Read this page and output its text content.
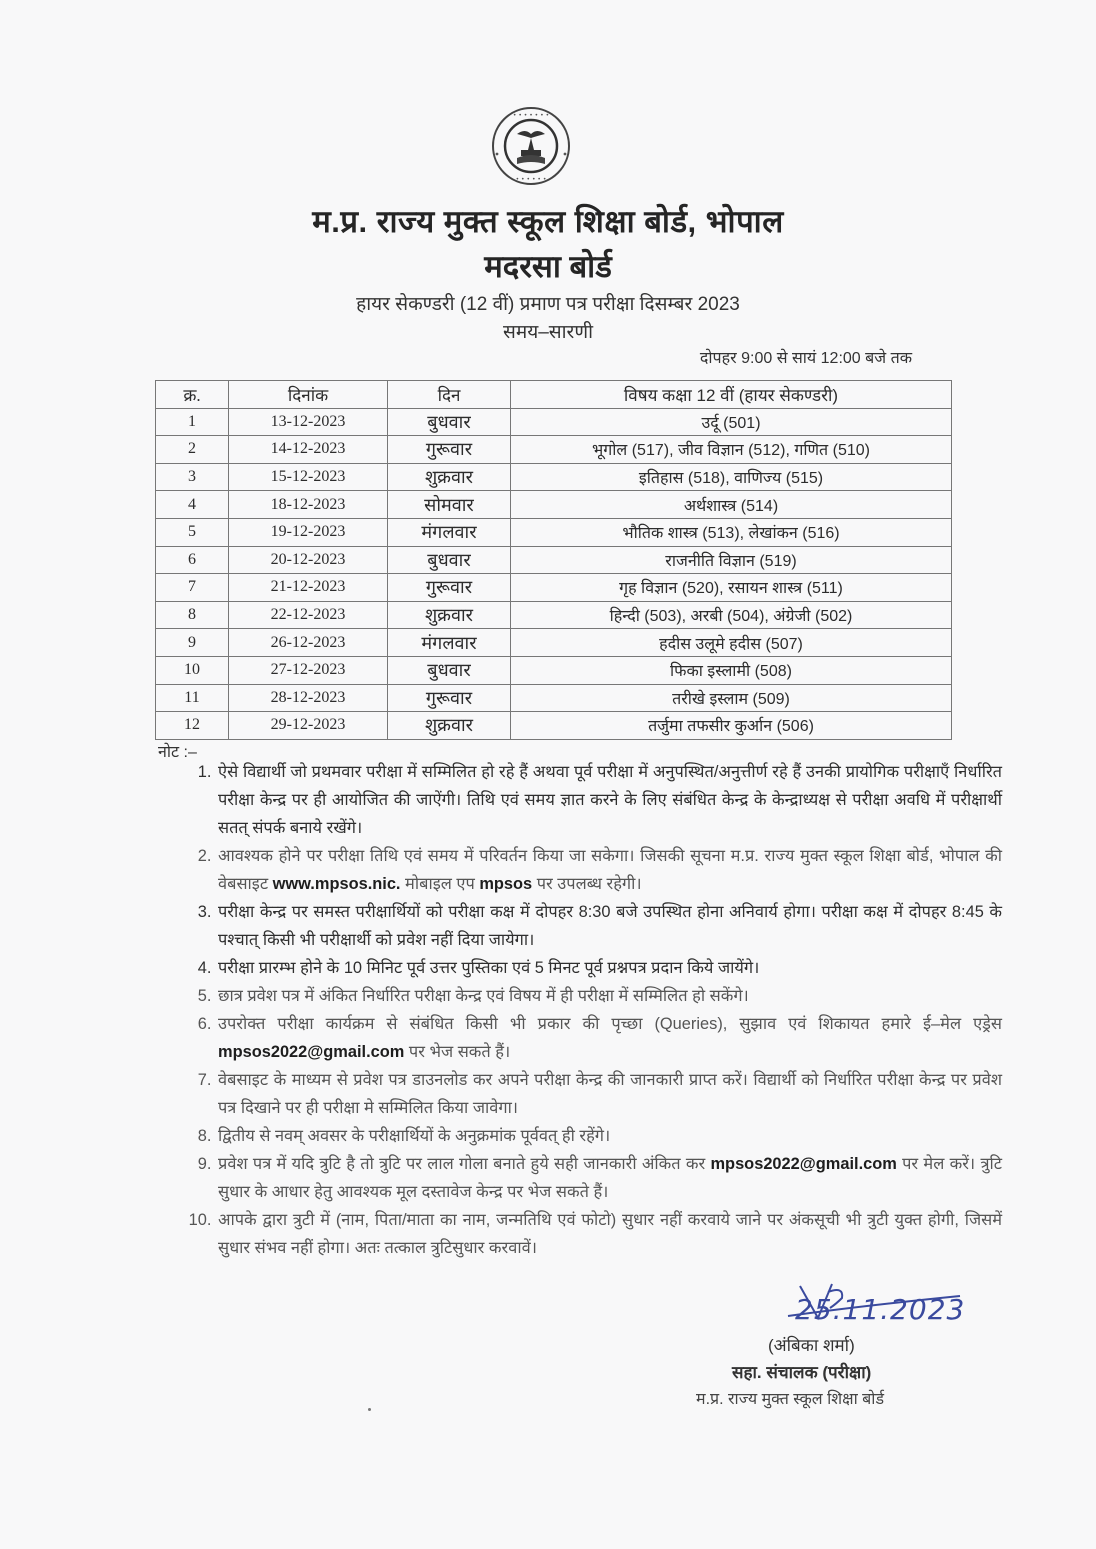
• • • • • • •
• • • • • •
म.प्र. राज्य मुक्त स्कूल शिक्षा बोर्ड, भोपाल
मदरसा बोर्ड
हायर सेकण्डरी (12 वीं) प्रमाण पत्र परीक्षा दिसम्बर 2023
समय–सारणी
दोपहर 9:00 से सायं 12:00 बजे तक
क्र.	दिनांक	दिन	विषय कक्षा 12 वीं (हायर सेकण्डरी)
1	13-12-2023	बुधवार	उर्दू (501)
2	14-12-2023	गुरूवार	भूगोल (517), जीव विज्ञान (512), गणित (510)
3	15-12-2023	शुक्रवार	इतिहास (518), वाणिज्य (515)
4	18-12-2023	सोमवार	अर्थशास्त्र (514)
5	19-12-2023	मंगलवार	भौतिक शास्त्र (513), लेखांकन (516)
6	20-12-2023	बुधवार	राजनीति विज्ञान (519)
7	21-12-2023	गुरूवार	गृह विज्ञान (520), रसायन शास्त्र (511)
8	22-12-2023	शुक्रवार	हिन्दी (503), अरबी (504), अंग्रेजी (502)
9	26-12-2023	मंगलवार	हदीस उलूमे हदीस (507)
10	27-12-2023	बुधवार	फिका इस्लामी (508)
11	28-12-2023	गुरूवार	तरीखे इस्लाम (509)
12	29-12-2023	शुक्रवार	तर्जुमा तफसीर कुर्आन (506)
नोट :–
1. ऐसे विद्यार्थी जो प्रथमवार परीक्षा में सम्मिलित हो रहे हैं अथवा पूर्व परीक्षा में अनुपस्थित/अनुत्तीर्ण रहे हैं उनकी प्रायोगिक परीक्षाएँ निर्धारित परीक्षा केन्द्र पर ही आयोजित की जाऐंगी। तिथि एवं समय ज्ञात करने के लिए संबंधित केन्द्र के केन्द्राध्यक्ष से परीक्षा अवधि में परीक्षार्थी सतत् संपर्क बनाये रखेंगे।
2. आवश्यक होने पर परीक्षा तिथि एवं समय में परिवर्तन किया जा सकेगा। जिसकी सूचना म.प्र. राज्य मुक्त स्कूल शिक्षा बोर्ड, भोपाल की वेबसाइट www.mpsos.nic. मोबाइल एप mpsos पर उपलब्ध रहेगी।
3. परीक्षा केन्द्र पर समस्त परीक्षार्थियों को परीक्षा कक्ष में दोपहर 8:30 बजे उपस्थित होना अनिवार्य होगा। परीक्षा कक्ष में दोपहर 8:45 के पश्चात् किसी भी परीक्षार्थी को प्रवेश नहीं दिया जायेगा।
4. परीक्षा प्रारम्भ होने के 10 मिनिट पूर्व उत्तर पुस्तिका एवं 5 मिनट पूर्व प्रश्नपत्र प्रदान किये जायेंगे।
5. छात्र प्रवेश पत्र में अंकित निर्धारित परीक्षा केन्द्र एवं विषय में ही परीक्षा में सम्मिलित हो सकेंगे।
6. उपरोक्त परीक्षा कार्यक्रम से संबंधित किसी भी प्रकार की पृच्छा (Queries), सुझाव एवं शिकायत हमारे ई–मेल एड्रेस mpsos2022@gmail.com पर भेज सकते हैं।
7. वेबसाइट के माध्यम से प्रवेश पत्र डाउनलोड कर अपने परीक्षा केन्द्र की जानकारी प्राप्त करें। विद्यार्थी को निर्धारित परीक्षा केन्द्र पर प्रवेश पत्र दिखाने पर ही परीक्षा मे सम्मिलित किया जावेगा।
8. द्वितीय से नवम् अवसर के परीक्षार्थियों के अनुक्रमांक पूर्ववत् ही रहेंगे।
9. प्रवेश पत्र में यदि त्रुटि है तो त्रुटि पर लाल गोला बनाते हुये सही जानकारी अंकित कर mpsos2022@gmail.com पर मेल करें। त्रुटि सुधार के आधार हेतु आवश्यक मूल दस्तावेज केन्द्र पर भेज सकते हैं।
10. आपके द्वारा त्रुटी में (नाम, पिता/माता का नाम, जन्मतिथि एवं फोटो) सुधार नहीं करवाये जाने पर अंकसूची भी त्रुटी युक्त होगी, जिसमें सुधार संभव नहीं होगा। अतः तत्काल त्रुटिसुधार करवावें।
25.11.2023
(अंबिका शर्मा)
सहा. संचालक (परीक्षा)
म.प्र. राज्य मुक्त स्कूल शिक्षा बोर्ड
